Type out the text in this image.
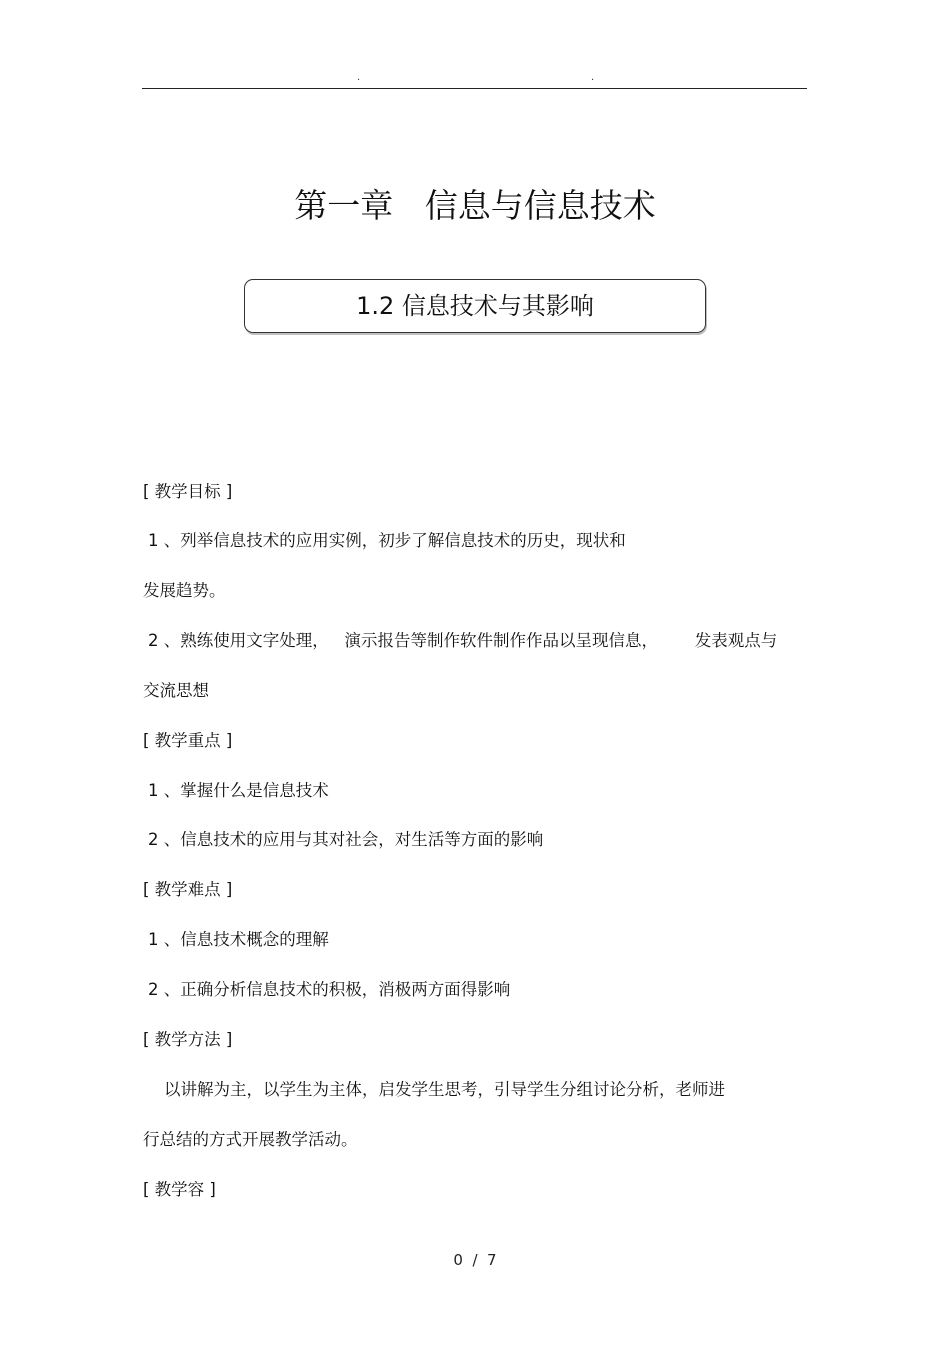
.	.
第一章   信息与信息技术
1.2 信息技术与其影响
[ 教学目标 ]
1 、列举信息技术的应用实例，初步了解信息技术的历史，现状和
发展趋势。
2 、熟练使用文字处理，   演示报告等制作软件制作作品以呈现信息，       发表观点与
交流思想
[ 教学重点 ]
1 、掌握什么是信息技术
2 、信息技术的应用与其对社会，对生活等方面的影响
[ 教学难点 ]
1 、信息技术概念的理解
2 、正确分析信息技术的积极，消极两方面得影响
[ 教学方法 ]
以讲解为主，以学生为主体，启发学生思考，引导学生分组讨论分析，老师进
行总结的方式开展教学活动。
[ 教学容 ]
0  /  7
